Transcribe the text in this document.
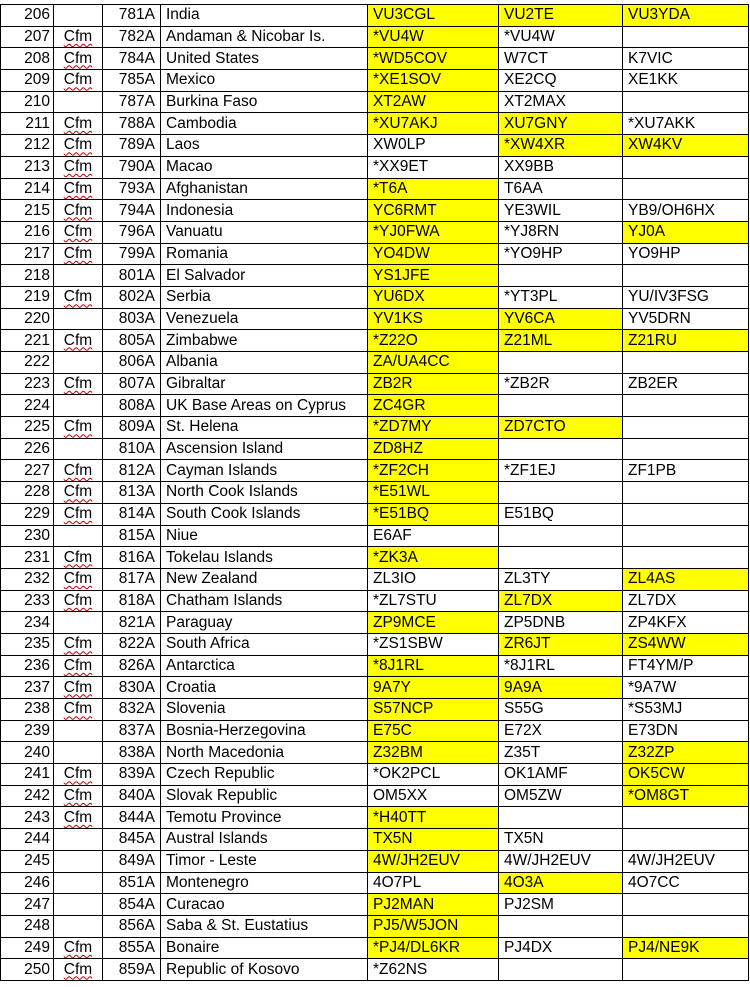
206		781A	India	VU3CGL	VU2TE	VU3YDA
207	Cfm	782A	Andaman & Nicobar Is.	*VU4W	*VU4W	
208	Cfm	784A	United States	*WD5COV	W7CT	K7VIC
209	Cfm	785A	Mexico	*XE1SOV	XE2CQ	XE1KK
210		787A	Burkina Faso	XT2AW	XT2MAX	
211	Cfm	788A	Cambodia	*XU7AKJ	XU7GNY	*XU7AKK
212	Cfm	789A	Laos	XW0LP	*XW4XR	XW4KV
213	Cfm	790A	Macao	*XX9ET	XX9BB	
214	Cfm	793A	Afghanistan	*T6A	T6AA	
215	Cfm	794A	Indonesia	YC6RMT	YE3WIL	YB9/OH6HX
216	Cfm	796A	Vanuatu	*YJ0FWA	*YJ8RN	YJ0A
217	Cfm	799A	Romania	YO4DW	*YO9HP	YO9HP
218		801A	El Salvador	YS1JFE		
219	Cfm	802A	Serbia	YU6DX	*YT3PL	YU/IV3FSG
220		803A	Venezuela	YV1KS	YV6CA	YV5DRN
221	Cfm	805A	Zimbabwe	*Z22O	Z21ML	Z21RU
222		806A	Albania	ZA/UA4CC		
223	Cfm	807A	Gibraltar	ZB2R	*ZB2R	ZB2ER
224		808A	UK Base Areas on Cyprus	ZC4GR		
225	Cfm	809A	St. Helena	*ZD7MY	ZD7CTO	
226		810A	Ascension Island	ZD8HZ		
227	Cfm	812A	Cayman Islands	*ZF2CH	*ZF1EJ	ZF1PB
228	Cfm	813A	North Cook Islands	*E51WL		
229	Cfm	814A	South Cook Islands	*E51BQ	E51BQ	
230		815A	Niue	E6AF		
231	Cfm	816A	Tokelau Islands	*ZK3A		
232	Cfm	817A	New Zealand	ZL3IO	ZL3TY	ZL4AS
233	Cfm	818A	Chatham Islands	*ZL7STU	ZL7DX	ZL7DX
234		821A	Paraguay	ZP9MCE	ZP5DNB	ZP4KFX
235	Cfm	822A	South Africa	*ZS1SBW	ZR6JT	ZS4WW
236	Cfm	826A	Antarctica	*8J1RL	*8J1RL	FT4YM/P
237	Cfm	830A	Croatia	9A7Y	9A9A	*9A7W
238	Cfm	832A	Slovenia	S57NCP	S55G	*S53MJ
239		837A	Bosnia-Herzegovina	E75C	E72X	E73DN
240		838A	North Macedonia	Z32BM	Z35T	Z32ZP
241	Cfm	839A	Czech Republic	*OK2PCL	OK1AMF	OK5CW
242	Cfm	840A	Slovak Republic	OM5XX	OM5ZW	*OM8GT
243	Cfm	844A	Temotu Province	*H40TT		
244		845A	Austral Islands	TX5N	TX5N	
245		849A	Timor - Leste	4W/JH2EUV	4W/JH2EUV	4W/JH2EUV
246		851A	Montenegro	4O7PL	4O3A	4O7CC
247		854A	Curacao	PJ2MAN	PJ2SM	
248		856A	Saba & St. Eustatius	PJ5/W5JON		
249	Cfm	855A	Bonaire	*PJ4/DL6KR	PJ4DX	PJ4/NE9K
250	Cfm	859A	Republic of Kosovo	*Z62NS		
